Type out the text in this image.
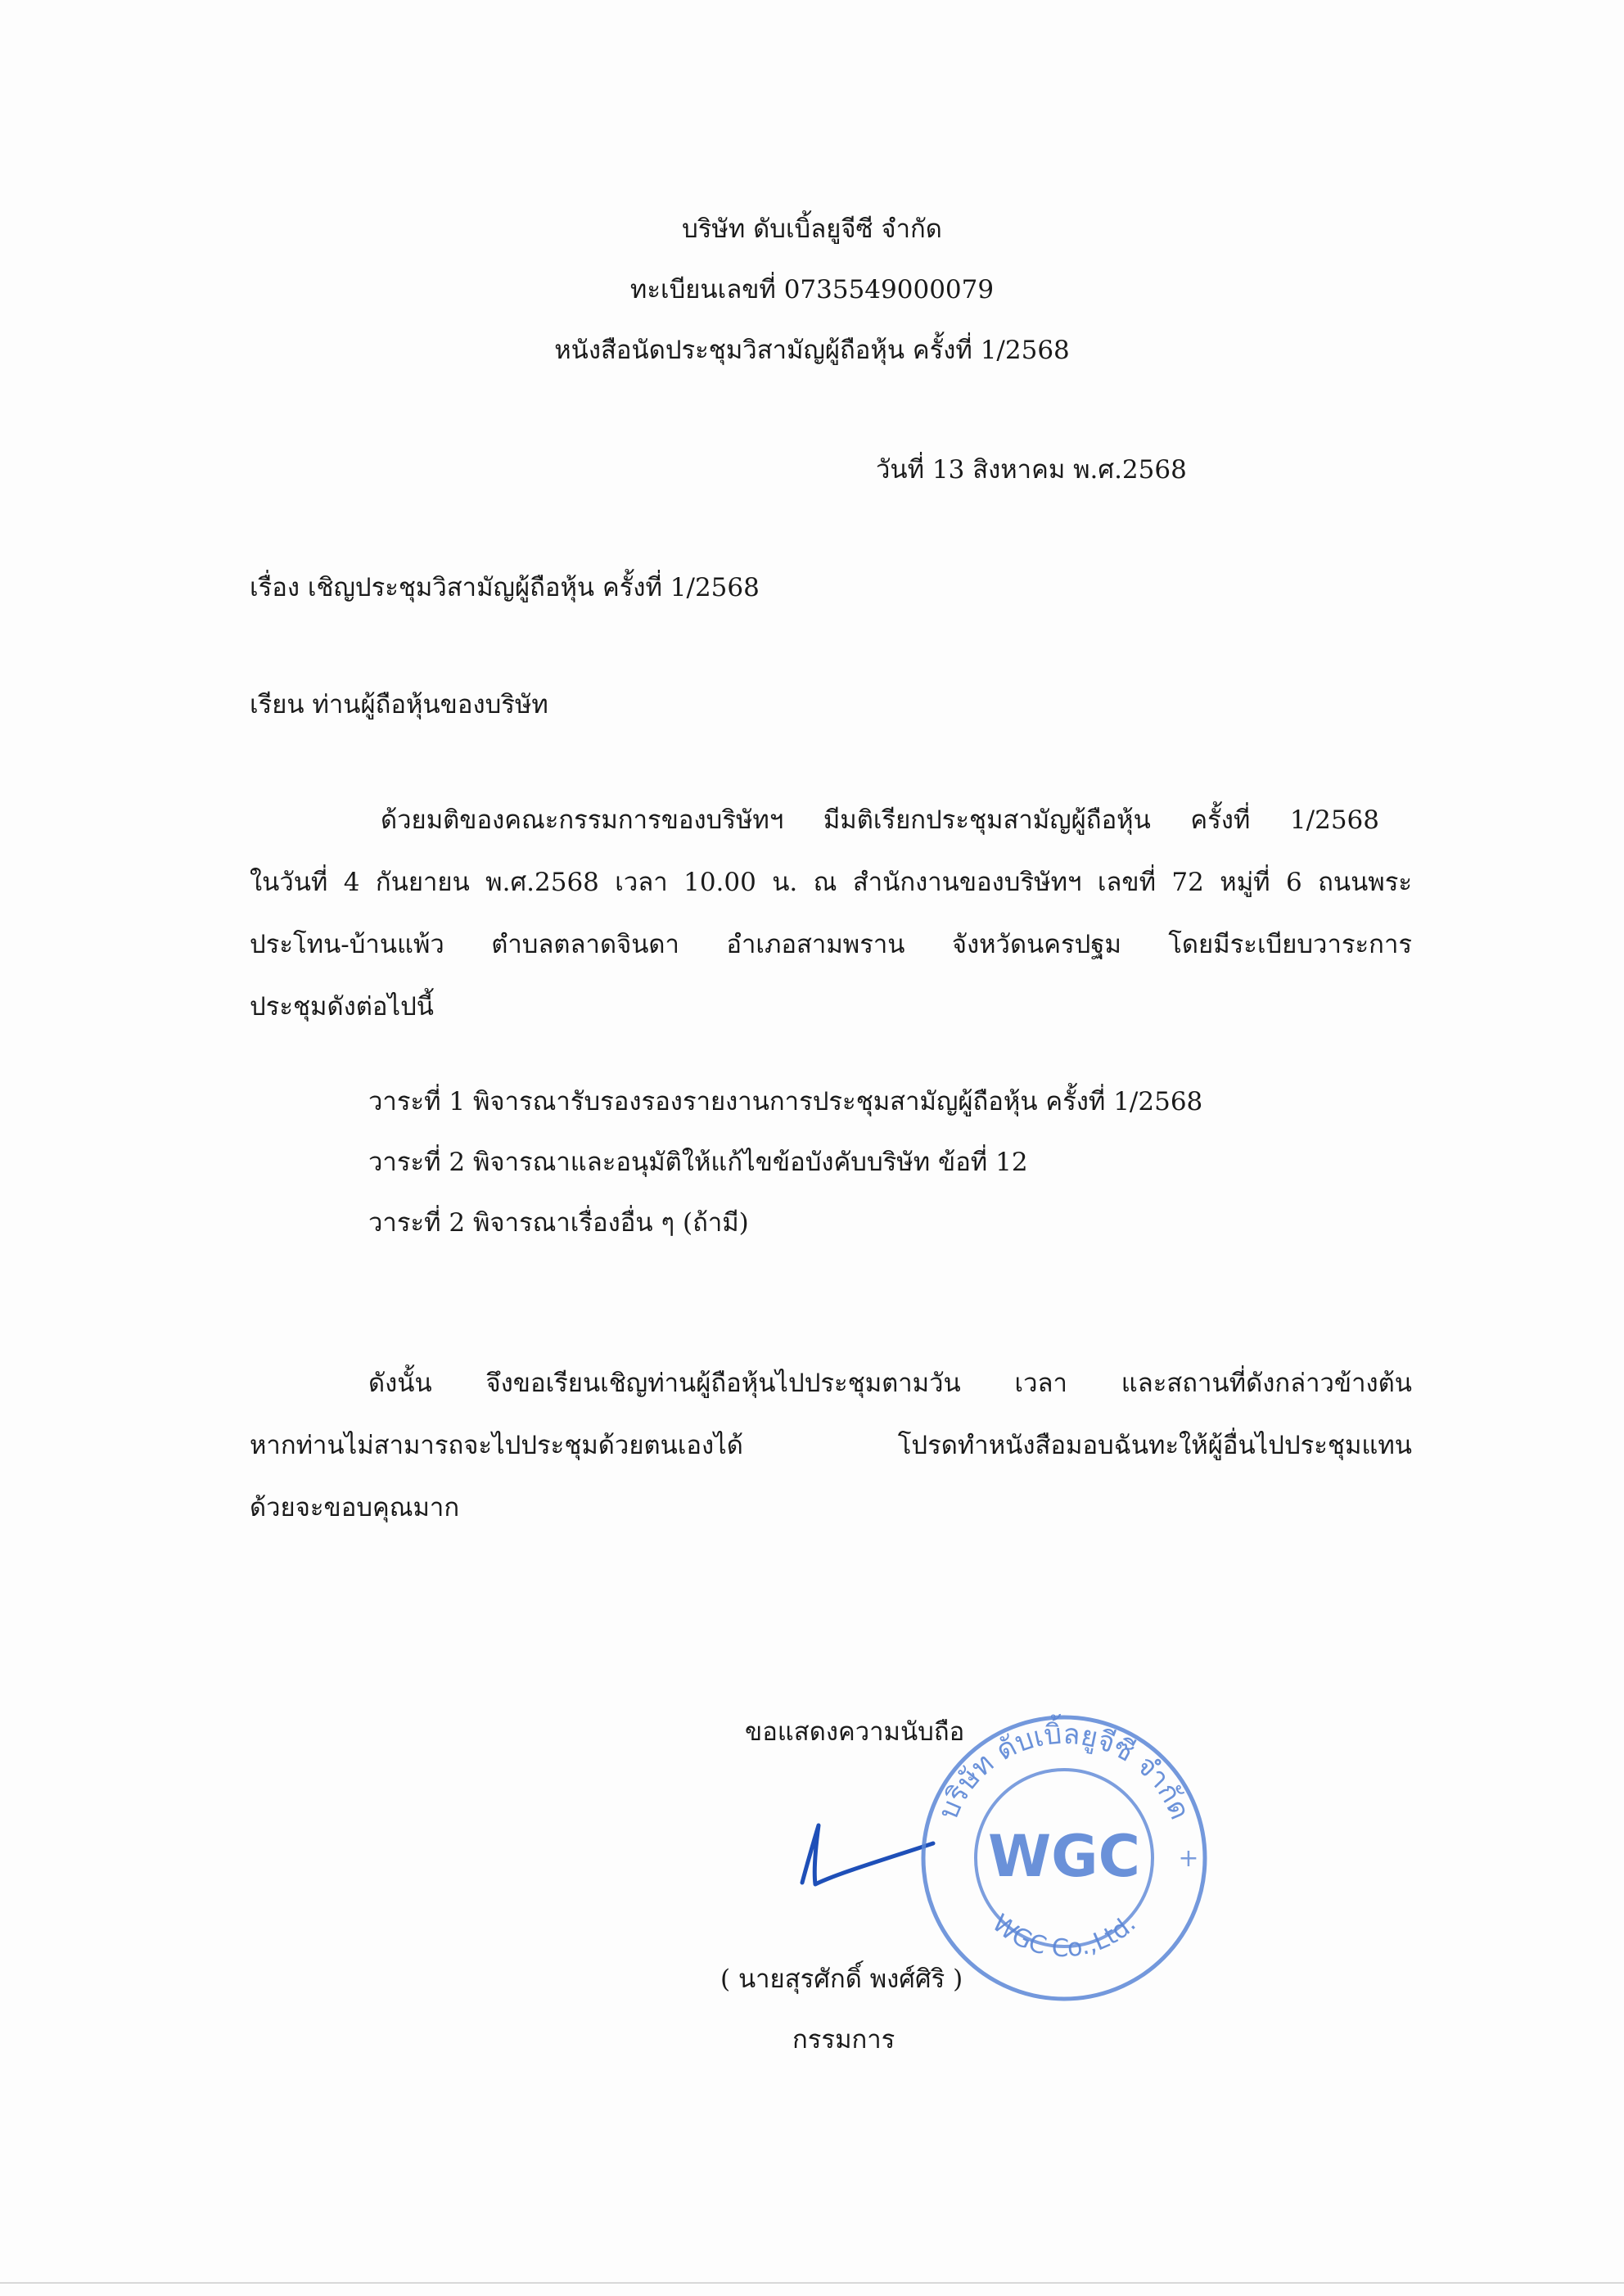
บริษัท ดับเบิ้ลยูจีซี จำกัด
ทะเบียนเลขที่ 0735549000079
หนังสือนัดประชุมวิสามัญผู้ถือหุ้น ครั้งที่ 1/2568
วันที่ 13 สิงหาคม พ.ศ.2568
เรื่อง เชิญประชุมวิสามัญผู้ถือหุ้น ครั้งที่ 1/2568
เรียน ท่านผู้ถือหุ้นของบริษัท
ด้วยมติของคณะกรรมการของบริษัทฯ มีมติเรียกประชุมสามัญผู้ถือหุ้น ครั้งที่ 1/2568
ในวันที่ 4 กันยายน พ.ศ.2568 เวลา 10.00 น. ณ สำนักงานของบริษัทฯ เลขที่ 72 หมู่ที่ 6 ถนนพระ
ประโทน-บ้านแพ้ว ตำบลตลาดจินดา อำเภอสามพราน จังหวัดนครปฐม โดยมีระเบียบวาระการ
ประชุมดังต่อไปนี้
วาระที่ 1 พิจารณารับรองรองรายงานการประชุมสามัญผู้ถือหุ้น ครั้งที่ 1/2568
วาระที่ 2 พิจารณาและอนุมัติให้แก้ไขข้อบังคับบริษัท ข้อที่ 12
วาระที่ 2 พิจารณาเรื่องอื่น ๆ (ถ้ามี)
ดังนั้น จึงขอเรียนเชิญท่านผู้ถือหุ้นไปประชุมตามวัน เวลา และสถานที่ดังกล่าวข้างต้น
หากท่านไม่สามารถจะไปประชุมด้วยตนเองได้ โปรดทำหนังสือมอบฉันทะให้ผู้อื่นไปประชุมแทน
ด้วยจะขอบคุณมาก
ขอแสดงความนับถือ
บริษัท ดับเบิ้ลยูจีซี จำกัด
WGC
WGC Co.,Ltd.
+
( นายสุรศักดิ์ พงศ์ศิริ )
กรรมการ
